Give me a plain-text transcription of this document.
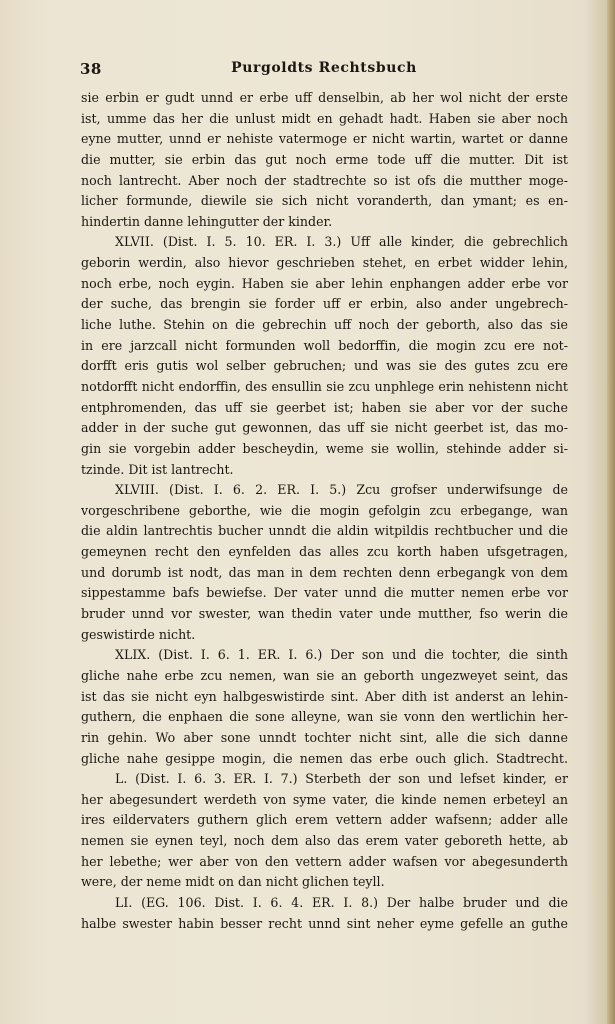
38	Purgoldts Rechtsbuch
sie erbin er gudt unnd er erbe uff denselbin, ab her wol nicht der erste
ist, umme das her die unlust midt en gehadt hadt. Haben sie aber noch
eyne mutter, unnd er nehiste vatermoge er nicht wartin, wartet or danne
die mutter, sie erbin das gut noch erme tode uff die mutter. Dit ist
noch lantrecht. Aber noch der stadtrechte so ist ofs die mutther moge-
licher formunde, diewile sie sich nicht voranderth, dan ymant; es en-
hindertin danne lehingutter der kinder.
XLVII. (Dist. I. 5. 10. ER. I. 3.) Uff alle kinder, die gebrechlich
geborin werdin, also hievor geschrieben stehet, en erbet widder lehin,
noch erbe, noch eygin. Haben sie aber lehin enphangen adder erbe vor
der suche, das brengin sie forder uff er erbin, also ander ungebrech-
liche luthe. Stehin on die gebrechin uff noch der geborth, also das sie
in ere jarzcall nicht formunden woll bedorffin, die mogin zcu ere not-
dorfft eris gutis wol selber gebruchen; und was sie des gutes zcu ere
notdorfft nicht endorffin, des ensullin sie zcu unphlege erin nehistenn nicht
entphromenden, das uff sie geerbet ist; haben sie aber vor der suche
adder in der suche gut gewonnen, das uff sie nicht geerbet ist, das mo-
gin sie vorgebin adder bescheydin, weme sie wollin, stehinde adder si-
tzinde. Dit ist lantrecht.
XLVIII. (Dist. I. 6. 2. ER. I. 5.) Zcu grofser underwifsunge de
vorgeschribene geborthe, wie die mogin gefolgin zcu erbegange, wan
die aldin lantrechtis bucher unndt die aldin witpildis rechtbucher und die
gemeynen recht den eynfelden das alles zcu korth haben ufsgetragen,
und dorumb ist nodt, das man in dem rechten denn erbegangk von dem
sippestamme bafs bewiefse. Der vater unnd die mutter nemen erbe vor
bruder unnd vor swester, wan thedin vater unde mutther, fso werin die
geswistirde nicht.
XLIX. (Dist. I. 6. 1. ER. I. 6.) Der son und die tochter, die sinth
gliche nahe erbe zcu nemen, wan sie an geborth ungezweyet seint, das
ist das sie nicht eyn halbgeswistirde sint. Aber dith ist anderst an lehin-
guthern, die enphaen die sone alleyne, wan sie vonn den wertlichin her-
rin gehin. Wo aber sone unndt tochter nicht sint, alle die sich danne
gliche nahe gesippe mogin, die nemen das erbe ouch glich. Stadtrecht.
L. (Dist. I. 6. 3. ER. I. 7.) Sterbeth der son und lefset kinder, er
her abegesundert werdeth von syme vater, die kinde nemen erbeteyl an
ires eildervaters guthern glich erem vettern adder wafsenn; adder alle
nemen sie eynen teyl, noch dem also das erem vater geboreth hette, ab
her lebethe; wer aber von den vettern adder wafsen vor abegesunderth
were, der neme midt on dan nicht glichen teyll.
LI. (EG. 106. Dist. I. 6. 4. ER. I. 8.) Der halbe bruder und die
halbe swester habin besser recht unnd sint neher eyme gefelle an guthe
